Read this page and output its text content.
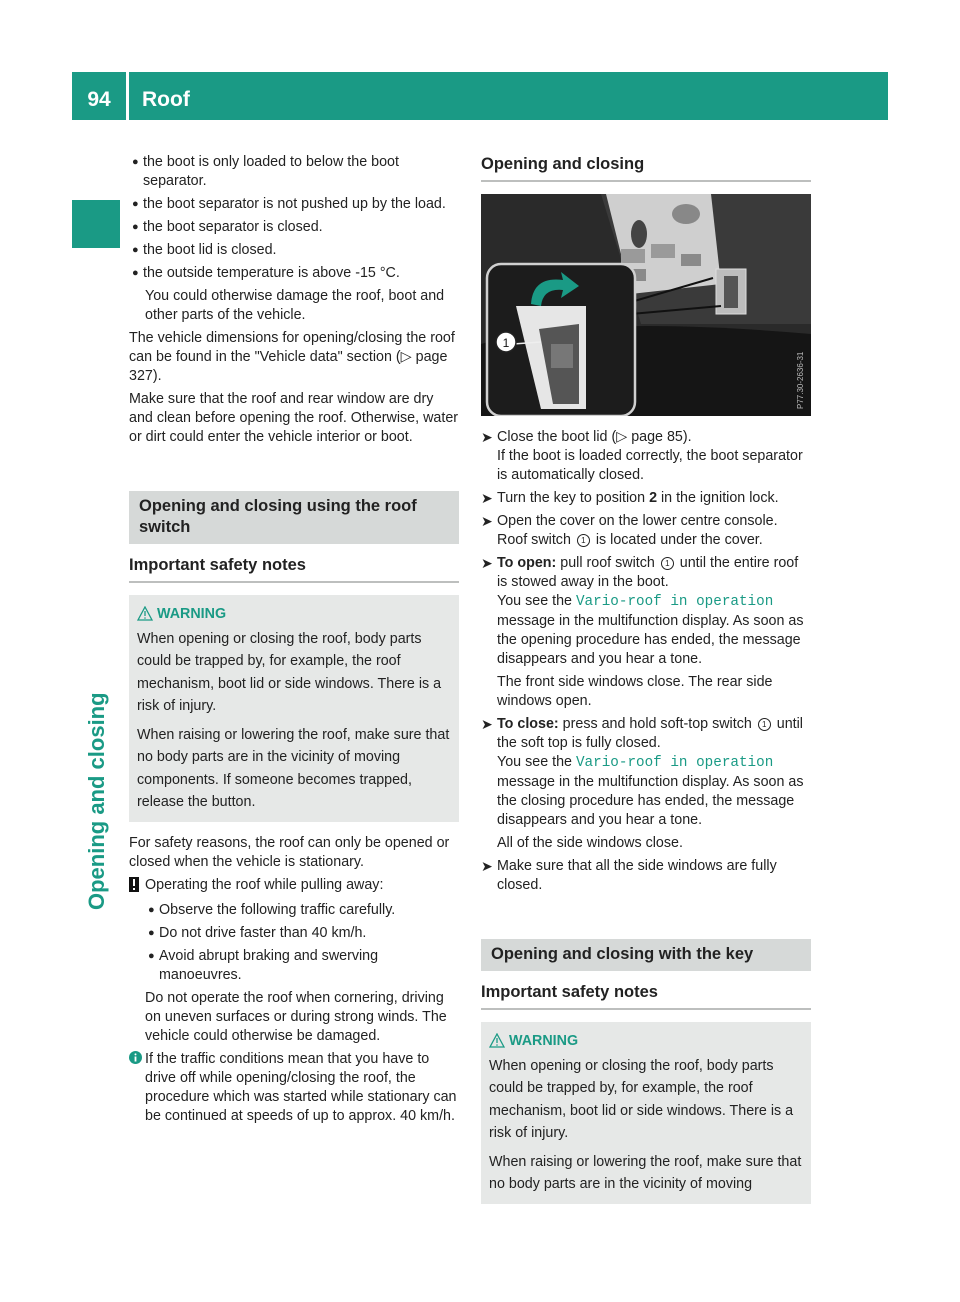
94	Roof
Opening and closing
● the boot is only loaded to below the boot separator.
● the boot separator is not pushed up by the load.
● the boot separator is closed.
● the boot lid is closed.
● the outside temperature is above -15 °C.

You could otherwise damage the roof, boot and other parts of the vehicle.

The vehicle dimensions for opening/closing the roof can be found in the "Vehicle data" section (▷ page 327).

Make sure that the roof and rear window are dry and clean before opening the roof. Otherwise, water or dirt could enter the vehicle interior or boot.

Opening and closing using the roof switch
Important safety notes
WARNING

When opening or closing the roof, body parts could be trapped by, for example, the roof mechanism, boot lid or side windows. There is a risk of injury.

When raising or lowering the roof, make sure that no body parts are in the vicinity of moving components. If someone becomes trapped, release the button.

For safety reasons, the roof can only be opened or closed when the vehicle is stationary.

Operating the roof while pulling away:
● Observe the following traffic carefully.
● Do not drive faster than 40 km/h.
● Avoid abrupt braking and swerving manoeuvres.

Do not operate the roof when cornering, driving on uneven surfaces or during strong winds. The vehicle could otherwise be damaged.

If the traffic conditions mean that you have to drive off while opening/closing the roof, the procedure which was started while stationary can be continued at speeds of up to approx. 40 km/h.
Opening and closing
1
P77.30-2636-31
➤ Close the boot lid (▷ page 85).
If the boot is loaded correctly, the boot separator is automatically closed.
➤ Turn the key to position 2 in the ignition lock.
➤ Open the cover on the lower centre console.
Roof switch 1 is located under the cover.
➤ To open: pull roof switch 1 until the entire roof is stowed away in the boot.
You see the Vario-roof in operation
message in the multifunction display. As soon as the opening procedure has ended, the message disappears and you hear a tone.
The front side windows close. The rear side windows open.
➤ To close: press and hold soft-top switch 1 until the soft top is fully closed.
You see the Vario-roof in operation
message in the multifunction display. As soon as the closing procedure has ended, the message disappears and you hear a tone.
All of the side windows close.
➤ Make sure that all the side windows are fully closed.
Opening and closing with the key
Important safety notes
WARNING

When opening or closing the roof, body parts could be trapped by, for example, the roof mechanism, boot lid or side windows. There is a risk of injury.

When raising or lowering the roof, make sure that no body parts are in the vicinity of moving
